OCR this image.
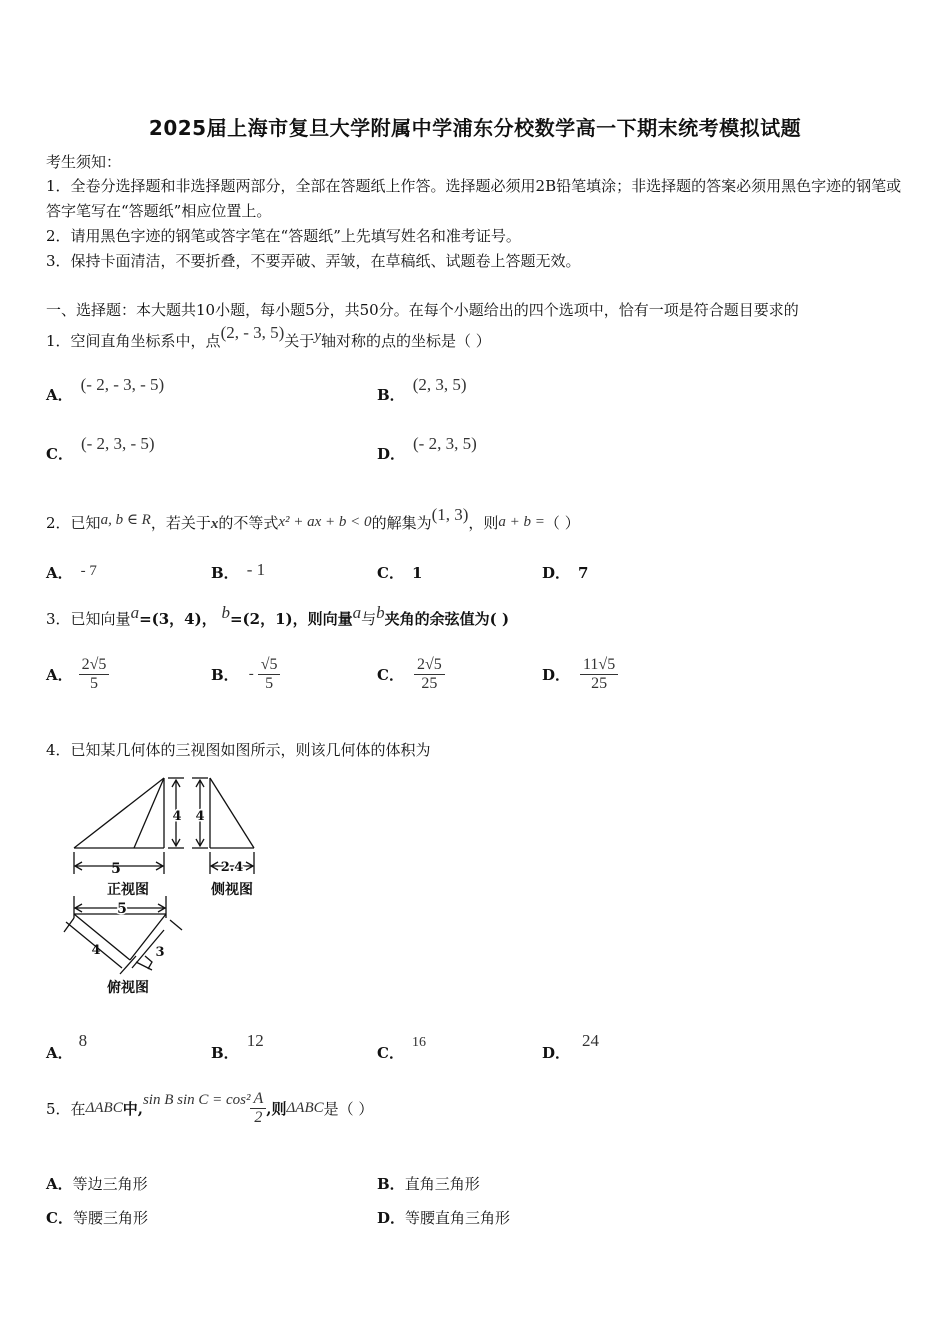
2025届上海市复旦大学附属中学浦东分校数学高一下期末统考模拟试题
考生须知：
1．全卷分选择题和非选择题两部分，全部在答题纸上作答。选择题必须用2B铅笔填涂；非选择题的答案必须用黑色字迹的钢笔或答字笔写在“答题纸”相应位置上。
2．请用黑色字迹的钢笔或答字笔在“答题纸”上先填写姓名和准考证号。
3．保持卡面清洁，不要折叠，不要弄破、弄皱，在草稿纸、试题卷上答题无效。
一、选择题：本大题共10小题，每小题5分，共50分。在每个小题给出的四个选项中，恰有一项是符合题目要求的
1．空间直角坐标系中，点(2, - 3, 5)关于y轴对称的点的坐标是（ ）
A．(- 2, - 3, - 5)
B．(2, 3, 5)
C．(- 2, 3, - 5)
D．(- 2, 3, 5)
2．已知a, b ∈ R，若关于x的不等式x² + ax + b < 0的解集为(1, 3)，则a + b =（ ）
A． - 7	B． - 1	C． 1	D． 7
3．已知向量a=(3，4)， b=(2，1)，则向量a与b夹角的余弦值为( )
A． $\frac{2√5}{5}$	B． - $\frac{√5}{5}$	C． $\frac{2√5}{25}$	D． $\frac{11√5}{25}$
4．已知某几何体的三视图如图所示，则该几何体的体积为
5
4 4
2.4
正视图	侧视图
5
4	3
俯视图
A．8
B．12
C．16
D．24
5．在ΔABC中,sin B $\sin C = \cos^2 \frac{A}{2}$ ,则ΔABC是（ ）
A．等边三角形	B．直角三角形
C．等腰三角形	D．等腰直角三角形
